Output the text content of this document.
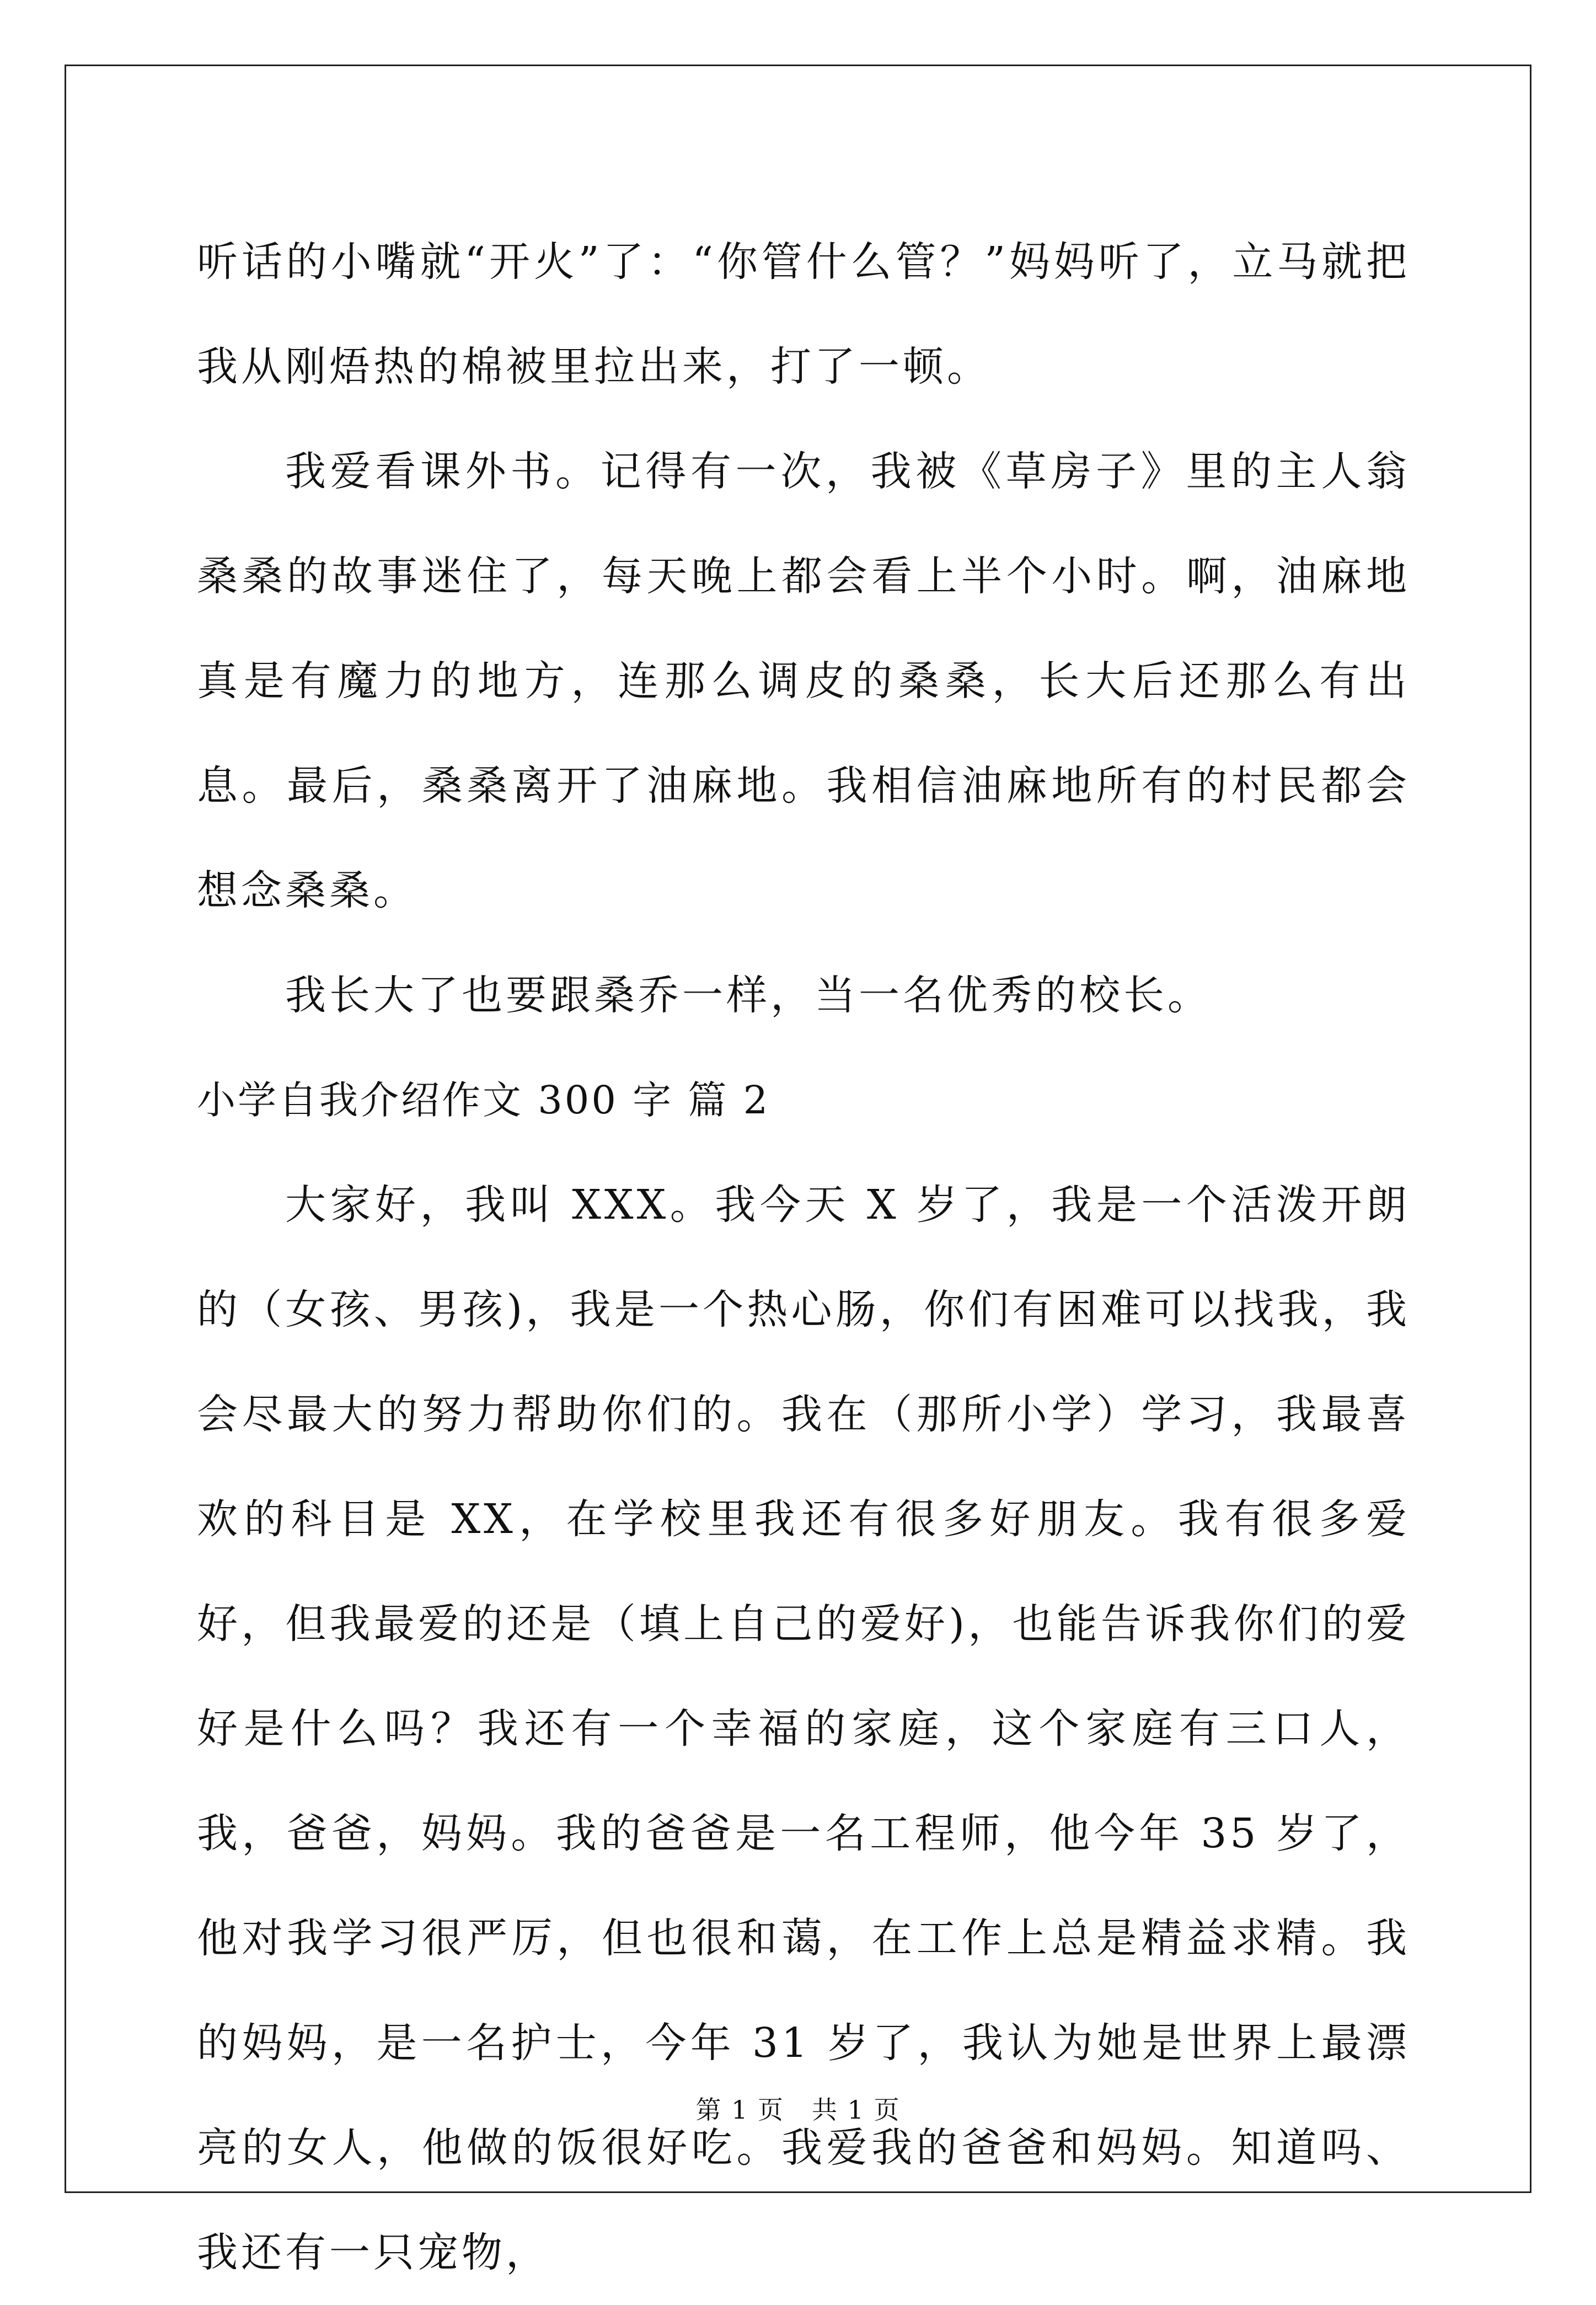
听话的小嘴就“开火”了：“你管什么管？”妈妈听了，立马就把我从刚焐热的棉被里拉出来，打了一顿。

我爱看课外书。记得有一次，我被《草房子》里的主人翁桑桑的故事迷住了，每天晚上都会看上半个小时。啊，油麻地真是有魔力的地方，连那么调皮的桑桑，长大后还那么有出息。最后，桑桑离开了油麻地。我相信油麻地所有的村民都会想念桑桑。

我长大了也要跟桑乔一样，当一名优秀的校长。

小学自我介绍作文 300 字 篇 2

大家好，我叫 XXX。我今天 X 岁了，我是一个活泼开朗的（女孩、男孩)，我是一个热心肠，你们有困难可以找我，我会尽最大的努力帮助你们的。我在（那所小学）学习，我最喜欢的科目是 XX，在学校里我还有很多好朋友。我有很多爱好，但我最爱的还是（填上自己的爱好)，也能告诉我你们的爱好是什么吗？我还有一个幸福的家庭，这个家庭有三口人，我，爸爸，妈妈。我的爸爸是一名工程师，他今年 35 岁了，他对我学习很严厉，但也很和蔼，在工作上总是精益求精。我的妈妈，是一名护士，今年 31 岁了，我认为她是世界上最漂亮的女人，他做的饭很好吃。我爱我的爸爸和妈妈。知道吗、我还有一只宠物，

第 1 页 共 1 页
